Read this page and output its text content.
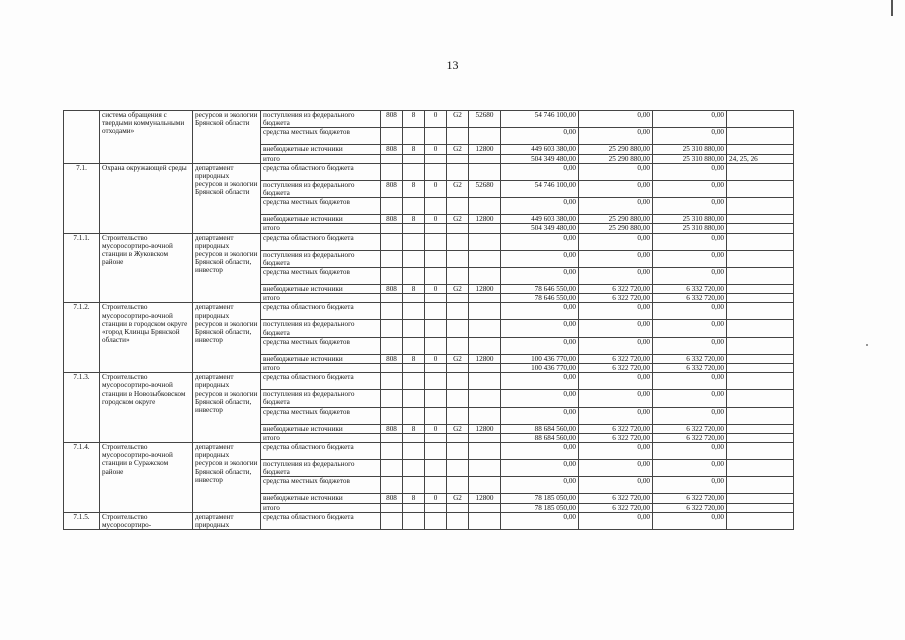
13
	система обращения с твердыми коммунальными отходами»	ресурсов и экологии Брянской области	поступления из федерального бюджета	808	8	0	G2	52680	54 746 100,00	0,00	0,00	
			средства местных бюджетов						0,00	0,00	0,00	
			внебюджетные источники	808	8	0	G2	12800	449 603 380,00	25 290 880,00	25 310 880,00	
			итого						504 349 480,00	25 290 880,00	25 310 880,00	24, 25, 26
7.1.	Охрана окружающей среды	департамент природных ресурсов и экологии Брянской области	средства областного бюджета						0,00	0,00	0,00	
			поступления из федерального бюджета	808	8	0	G2	52680	54 746 100,00	0,00	0,00	
			средства местных бюджетов						0,00	0,00	0,00	
			внебюджетные источники	808	8	0	G2	12800	449 603 380,00	25 290 880,00	25 310 880,00	
			итого						504 349 480,00	25 290 880,00	25 310 880,00	
7.1.1.	Строительство мусоросортиро-вочной станции в Жуковском районе	департамент природных ресурсов и экологии Брянской области, инвестор	средства областного бюджета						0,00	0,00	0,00	
			поступления из федерального бюджета						0,00	0,00	0,00	
			средства местных бюджетов						0,00	0,00	0,00	
			внебюджетные источники	808	8	0	G2	12800	78 646 550,00	6 322 720,00	6 332 720,00	
			итого						78 646 550,00	6 322 720,00	6 332 720,00	
7.1.2.	Строительство мусоросортиро-вочной станции в городском округе «город Клинцы Брянской области»	департамент природных ресурсов и экологии Брянской области, инвестор	средства областного бюджета						0,00	0,00	0,00	
			поступления из федерального бюджета						0,00	0,00	0,00	
			средства местных бюджетов						0,00	0,00	0,00	
			внебюджетные источники	808	8	0	G2	12800	100 436 770,00	6 322 720,00	6 332 720,00	
			итого						100 436 770,00	6 322 720,00	6 332 720,00	
7.1.3.	Строительство мусоросортиро-вочной станции в Новозыбковском городском округе	департамент природных ресурсов и экологии Брянской области, инвестор	средства областного бюджета						0,00	0,00	0,00	
			поступления из федерального бюджета						0,00	0,00	0,00	
			средства местных бюджетов						0,00	0,00	0,00	
			внебюджетные источники	808	8	0	G2	12800	88 684 560,00	6 322 720,00	6 322 720,00	
			итого						88 684 560,00	6 322 720,00	6 322 720,00	
7.1.4.	Строительство мусоросортиро-вочной станции в Суражском районе	департамент природных ресурсов и экологии Брянской области, инвестор	средства областного бюджета						0,00	0,00	0,00	
			поступления из федерального бюджета						0,00	0,00	0,00	
			средства местных бюджетов						0,00	0,00	0,00	
			внебюджетные источники	808	8	0	G2	12800	78 185 050,00	6 322 720,00	6 322 720,00	
			итого						78 185 050,00	6 322 720,00	6 322 720,00	
7.1.5.	Строительство мусоросортиро-	департамент природных	средства областного бюджета						0,00	0,00	0,00	
